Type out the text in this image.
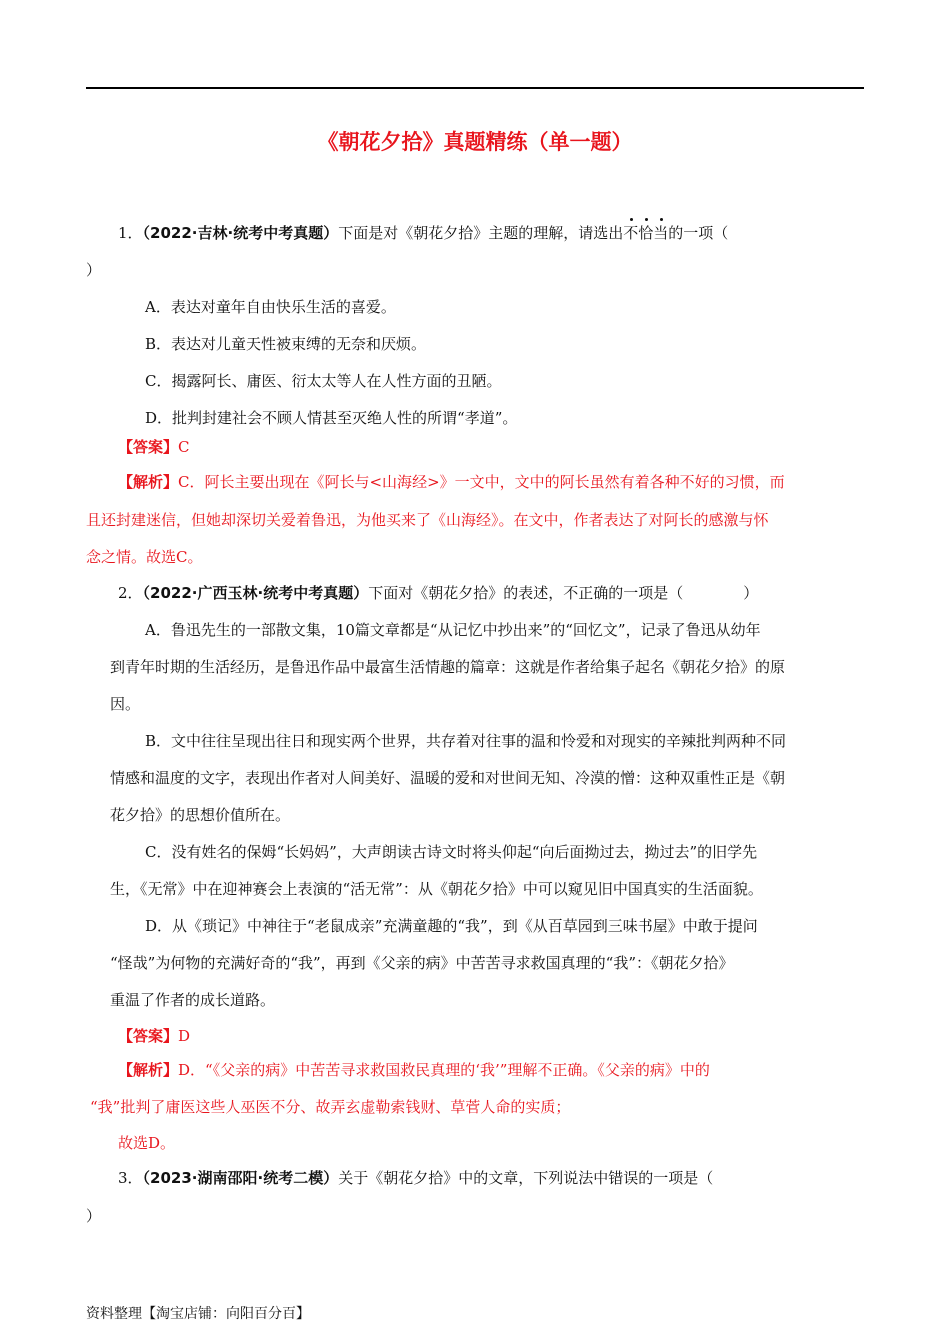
《朝花夕拾》真题精练（单一题）
1．（2022·吉林·统考中考真题）下面是对《朝花夕拾》主题的理解，请选出不恰当的一项（
）
A．表达对童年自由快乐生活的喜爱。
B．表达对儿童天性被束缚的无奈和厌烦。
C．揭露阿长、庸医、衍太太等人在人性方面的丑陋。
D．批判封建社会不顾人情甚至灭绝人性的所谓“孝道”。
【答案】C
【解析】C．阿长主要出现在《阿长与<山海经>》一文中，文中的阿长虽然有着各种不好的习惯，而
且还封建迷信，但她却深切关爱着鲁迅，为他买来了《山海经》。在文中，作者表达了对阿长的感激与怀
念之情。故选C。
2．（2022·广西玉林·统考中考真题）下面对《朝花夕拾》的表述，不正确的一项是（　　　　）
A．鲁迅先生的一部散文集，10篇文章都是“从记忆中抄出来”的“回忆文”，记录了鲁迅从幼年
到青年时期的生活经历，是鲁迅作品中最富生活情趣的篇章：这就是作者给集子起名《朝花夕拾》的原
因。
B．文中往往呈现出往日和现实两个世界，共存着对往事的温和怜爱和对现实的辛辣批判两种不同
情感和温度的文字，表现出作者对人间美好、温暖的爱和对世间无知、冷漠的憎：这种双重性正是《朝
花夕拾》的思想价值所在。
C．没有姓名的保姆“长妈妈”，大声朗读古诗文时将头仰起“向后面拗过去，拗过去”的旧学先
生，《无常》中在迎神赛会上表演的“活无常”：从《朝花夕拾》中可以窥见旧中国真实的生活面貌。
D．从《琐记》中神往于“老鼠成亲”充满童趣的“我”，到《从百草园到三味书屋》中敢于提问
“怪哉”为何物的充满好奇的“我”，再到《父亲的病》中苦苦寻求救国真理的“我”：《朝花夕拾》
重温了作者的成长道路。
【答案】D
【解析】D．“《父亲的病》中苦苦寻求救国救民真理的‘我’”理解不正确。《父亲的病》中的
“我”批判了庸医这些人巫医不分、故弄玄虚勒索钱财、草菅人命的实质；
故选D。
3．（2023·湖南邵阳·统考二模）关于《朝花夕拾》中的文章，下列说法中错误的一项是（
）
资料整理【淘宝店铺：向阳百分百】
